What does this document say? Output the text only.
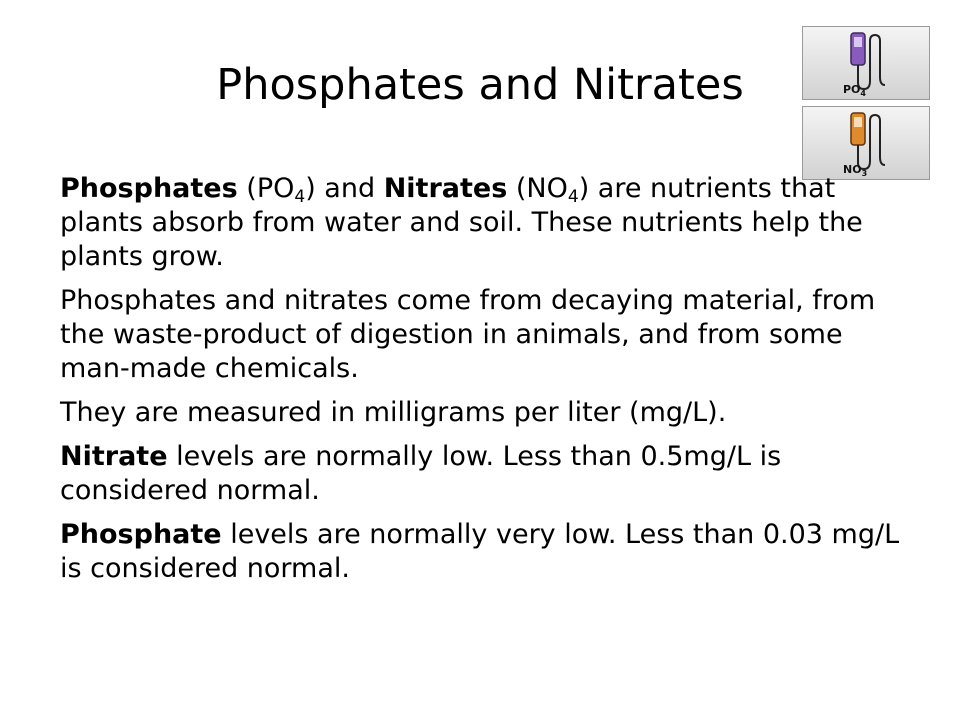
Phosphates and Nitrates	$PO_4$
$NO_3$

Phosphates $(PO_4)$ and Nitrates $(NO_4)$ are nutrients that plants absorb from water and soil. These nutrients help the plants grow.

Phosphates and nitrates come from decaying material, from the waste-product of digestion in animals, and from some man-made chemicals.

They are measured in milligrams per liter (mg/L).

Nitrate levels are normally low. Less than 0.5mg/L is considered normal.

Phosphate levels are normally very low. Less than 0.03 mg/L is considered normal.
